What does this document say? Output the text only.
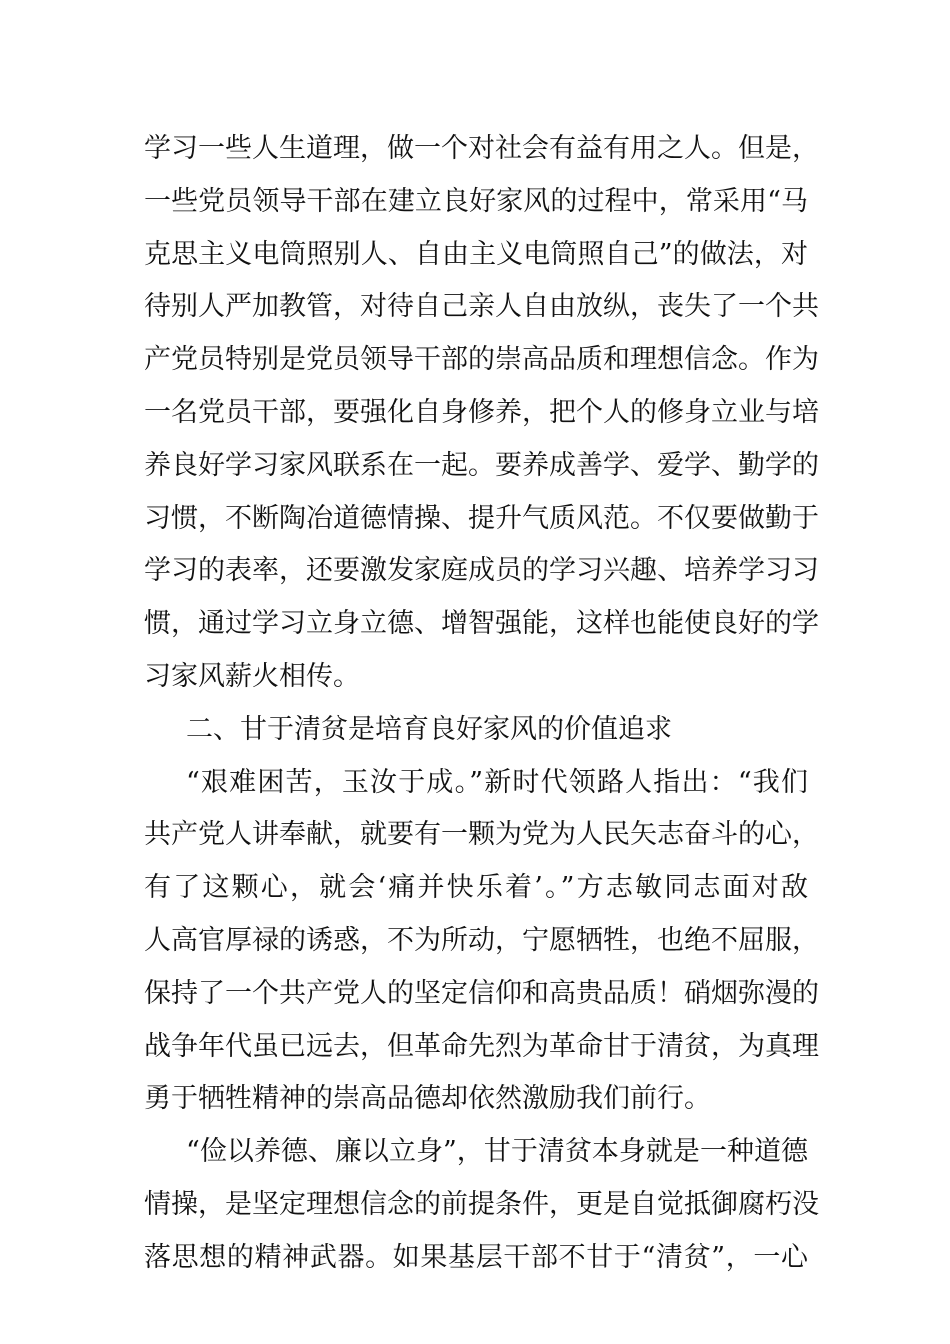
学习一些人生道理，做一个对社会有益有用之人。但是，
一些党员领导干部在建立良好家风的过程中，常采用“马
克思主义电筒照别人、自由主义电筒照自己”的做法，对
待别人严加教管，对待自己亲人自由放纵，丧失了一个共
产党员特别是党员领导干部的崇高品质和理想信念。作为
一名党员干部，要强化自身修养，把个人的修身立业与培
养良好学习家风联系在一起。要养成善学、爱学、勤学的
习惯，不断陶冶道德情操、提升气质风范。不仅要做勤于
学习的表率，还要激发家庭成员的学习兴趣、培养学习习
惯，通过学习立身立德、增智强能，这样也能使良好的学
习家风薪火相传。
二、甘于清贫是培育良好家风的价值追求
“艰难困苦，玉汝于成。”新时代领路人指出：“我们
共产党人讲奉献，就要有一颗为党为人民矢志奋斗的心，
有了这颗心，就会‘痛并快乐着’。”方志敏同志面对敌
人高官厚禄的诱惑，不为所动，宁愿牺牲，也绝不屈服，
保持了一个共产党人的坚定信仰和高贵品质！硝烟弥漫的
战争年代虽已远去，但革命先烈为革命甘于清贫，为真理
勇于牺牲精神的崇高品德却依然激励我们前行。
“俭以养德、廉以立身”，甘于清贫本身就是一种道德
情操，是坚定理想信念的前提条件，更是自觉抵御腐朽没
落思想的精神武器。如果基层干部不甘于“清贫”，一心
